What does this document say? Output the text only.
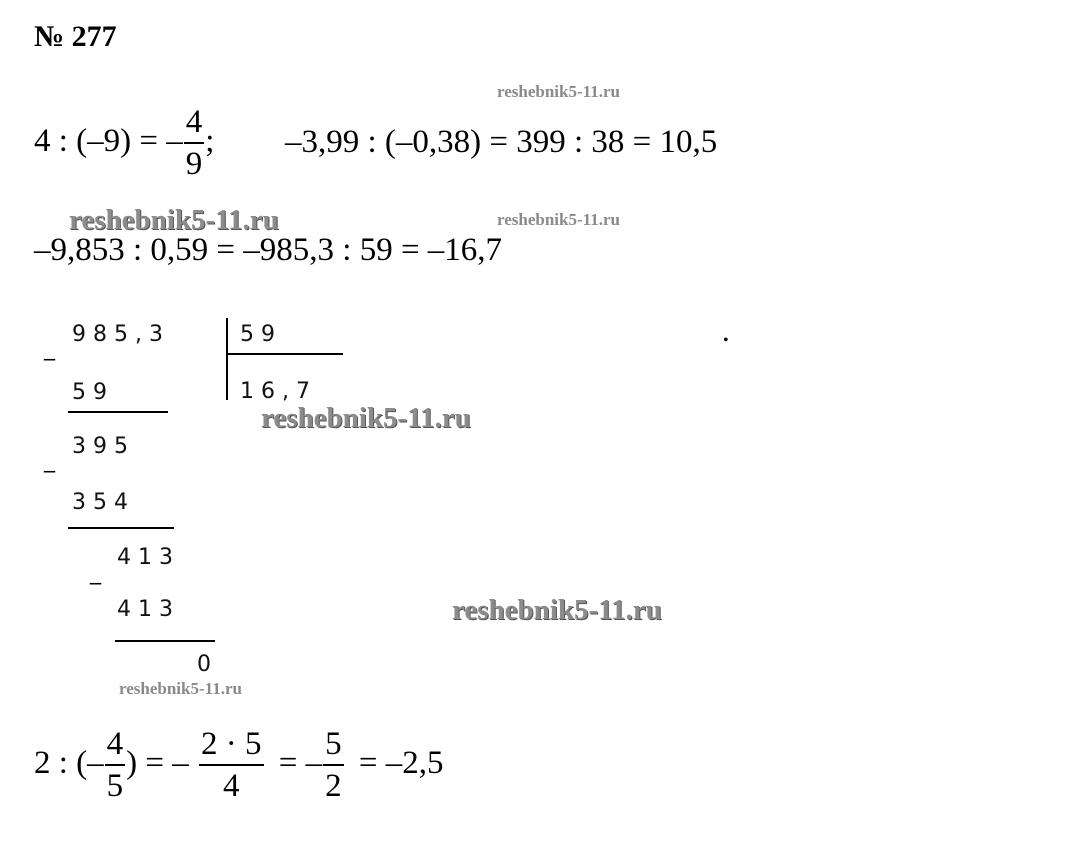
№ 277
reshebnik5-11.ru
reshebnik5-11.ru	reshebnik5-11.ru
reshebnik5-11.ru
reshebnik5-11.ru
reshebnik5-11.ru
4 : (–9) = – $\frac{4}{9}$ ; –3,99 : (–0,38) = 399 : 38 = 10,5
–9,853 : 0,59 = –985,3 : 59 = –16,7
9 8 5 , 3
_
5 9
1 6 , 7
5 9
3 9 5
_
3 5 4
4 1 3
_
4 1 3
0
•
2 : (– $\frac{4}{5}$ ) = – $\frac{2 \cdot 5}{4}$ = – $\frac{5}{2} = -2,5$
